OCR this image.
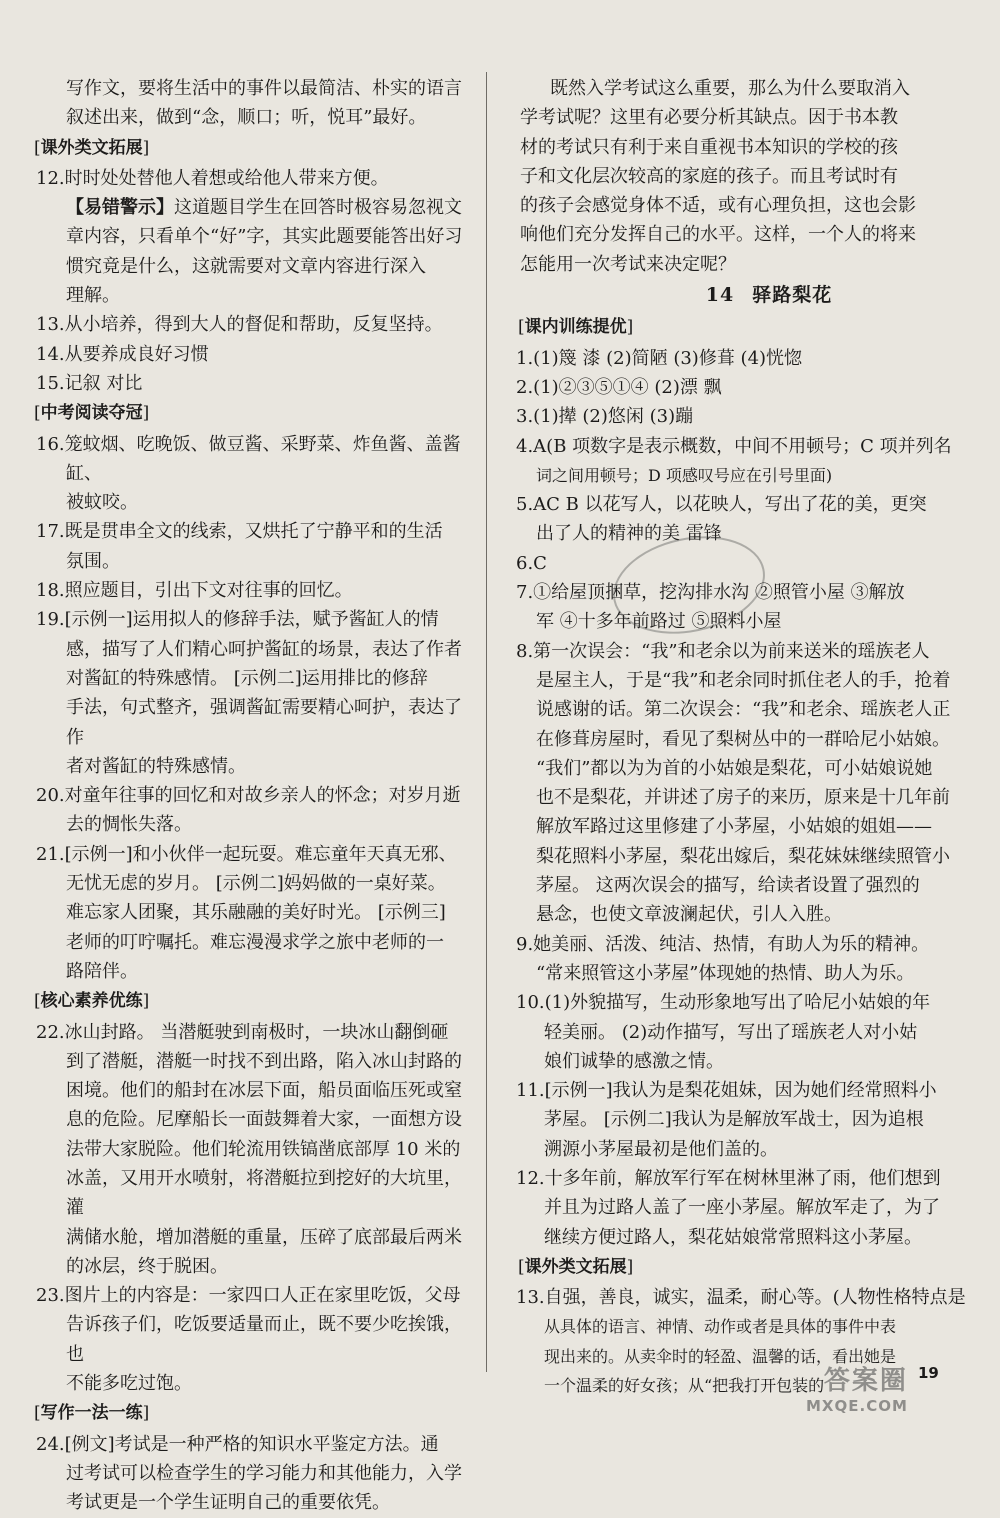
写作文，要将生活中的事件以最简洁、朴实的语言
叙述出来，做到“念，顺口；听，悦耳”最好。
[课外类文拓展]
12.时时处处替他人着想或给他人带来方便。
【易错警示】这道题目学生在回答时极容易忽视文
章内容，只看单个“好”字，其实此题要能答出好习
惯究竟是什么，这就需要对文章内容进行深入
理解。
13.从小培养，得到大人的督促和帮助，反复坚持。
14.从要养成良好习惯
15.记叙 对比
[中考阅读夺冠]
16.笼蚊烟、吃晚饭、做豆酱、采野菜、炸鱼酱、盖酱缸、
被蚊咬。
17.既是贯串全文的线索，又烘托了宁静平和的生活
氛围。
18.照应题目，引出下文对往事的回忆。
19.[示例一]运用拟人的修辞手法，赋予酱缸人的情
感，描写了人们精心呵护酱缸的场景，表达了作者
对酱缸的特殊感情。 [示例二]运用排比的修辞
手法，句式整齐，强调酱缸需要精心呵护，表达了作
者对酱缸的特殊感情。
20.对童年往事的回忆和对故乡亲人的怀念；对岁月逝
去的惆怅失落。
21.[示例一]和小伙伴一起玩耍。难忘童年天真无邪、
无忧无虑的岁月。 [示例二]妈妈做的一桌好菜。
难忘家人团聚，其乐融融的美好时光。 [示例三]
老师的叮咛嘱托。难忘漫漫求学之旅中老师的一
路陪伴。
[核心素养优练]
22.冰山封路。 当潜艇驶到南极时，一块冰山翻倒砸
到了潜艇，潜艇一时找不到出路，陷入冰山封路的
困境。他们的船封在冰层下面，船员面临压死或窒
息的危险。尼摩船长一面鼓舞着大家，一面想方设
法带大家脱险。他们轮流用铁镐凿底部厚 10 米的
冰盖，又用开水喷射，将潜艇拉到挖好的大坑里，灌
满储水舱，增加潜艇的重量，压碎了底部最后两米
的冰层，终于脱困。
23.图片上的内容是：一家四口人正在家里吃饭，父母
告诉孩子们，吃饭要适量而止，既不要少吃挨饿，也
不能多吃过饱。
[写作一法一练]
24.[例文]考试是一种严格的知识水平鉴定方法。通
过考试可以检查学生的学习能力和其他能力，入学
考试更是一个学生证明自己的重要依凭。
既然入学考试这么重要，那么为什么要取消入
学考试呢？这里有必要分析其缺点。因于书本教
材的考试只有利于来自重视书本知识的学校的孩
子和文化层次较高的家庭的孩子。而且考试时有
的孩子会感觉身体不适，或有心理负担，这也会影
响他们充分发挥自己的水平。这样，一个人的将来
怎能用一次考试来决定呢？
14 驿路梨花
[课内训练提优]
1.(1)篾 漆 (2)简陋 (3)修葺 (4)恍惚
2.(1)②③⑤①④ (2)漂 飘
3.(1)撵 (2)悠闲 (3)蹦
4.A(B 项数字是表示概数，中间不用顿号；C 项并列名
词之间用顿号；D 项感叹号应在引号里面)
5.AC B 以花写人，以花映人，写出了花的美，更突
出了人的精神的美 雷锋
6.C
7.①给屋顶捆草，挖沟排水沟 ②照管小屋 ③解放
军 ④十多年前路过 ⑤照料小屋
8.第一次误会：“我”和老余以为前来送米的瑶族老人
是屋主人，于是“我”和老余同时抓住老人的手，抢着
说感谢的话。第二次误会：“我”和老余、瑶族老人正
在修葺房屋时，看见了梨树丛中的一群哈尼小姑娘。
“我们”都以为为首的小姑娘是梨花，可小姑娘说她
也不是梨花，并讲述了房子的来历，原来是十几年前
解放军路过这里修建了小茅屋，小姑娘的姐姐——
梨花照料小茅屋，梨花出嫁后，梨花妹妹继续照管小
茅屋。 这两次误会的描写，给读者设置了强烈的
悬念，也使文章波澜起伏，引人入胜。
9.她美丽、活泼、纯洁、热情，有助人为乐的精神。
“常来照管这小茅屋”体现她的热情、助人为乐。
10.(1)外貌描写，生动形象地写出了哈尼小姑娘的年
轻美丽。 (2)动作描写，写出了瑶族老人对小姑
娘们诚挚的感激之情。
11.[示例一]我认为是梨花姐妹，因为她们经常照料小
茅屋。 [示例二]我认为是解放军战士，因为追根
溯源小茅屋最初是他们盖的。
12.十多年前，解放军行军在树林里淋了雨，他们想到
并且为过路人盖了一座小茅屋。解放军走了，为了
继续方便过路人，梨花姑娘常常照料这小茅屋。
[课外类文拓展]
13.自强，善良，诚实，温柔，耐心等。(人物性格特点是
从具体的语言、神情、动作或者是具体的事件中表
现出来的。从卖伞时的轻盈、温馨的话，看出她是
一个温柔的好女孩；从“把我打开包装的
19
答案圈
MXQE.COM
